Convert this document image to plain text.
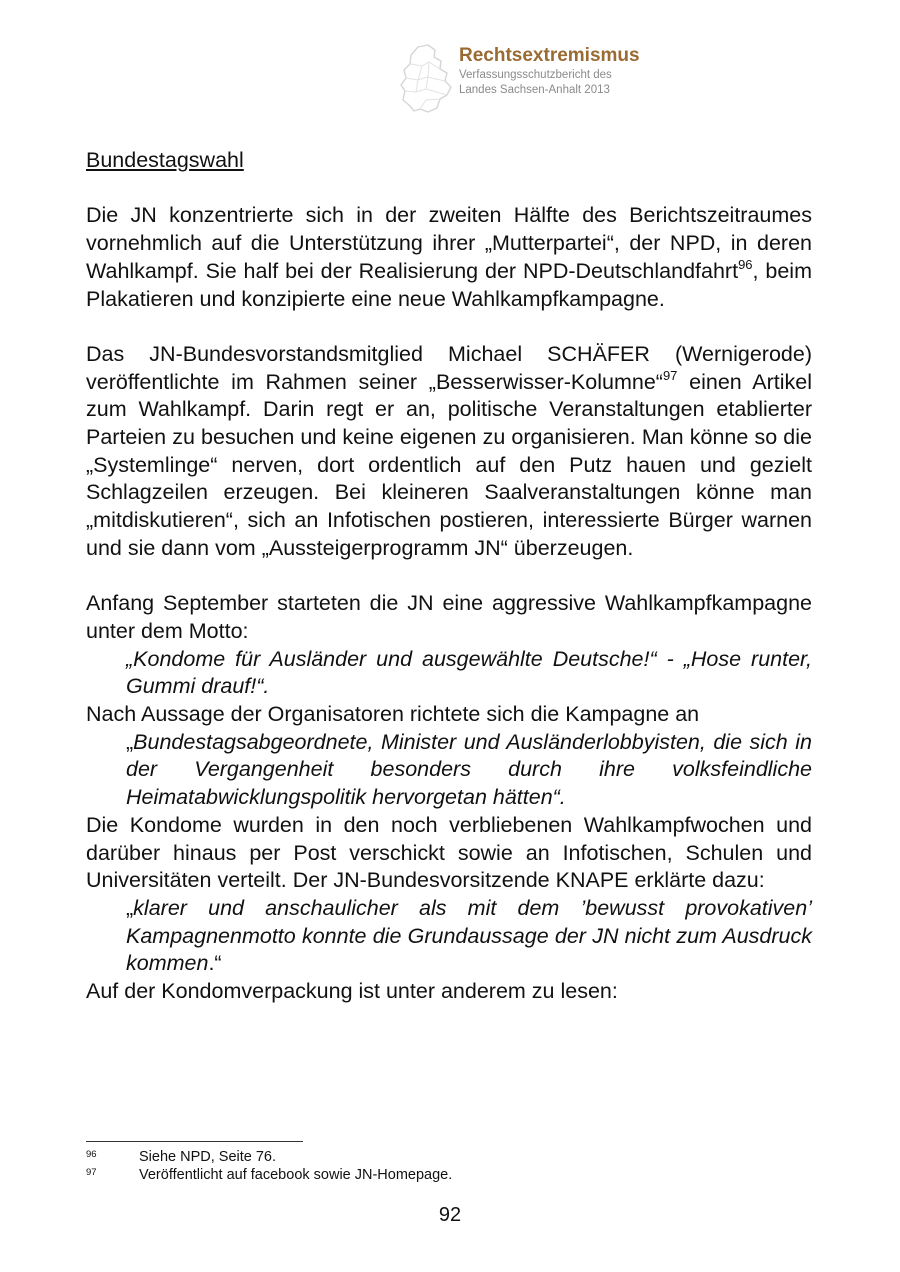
Rechtsextremismus
Verfassungsschutzbericht des
Landes Sachsen-Anhalt 2013

Bundestagswahl

Die JN konzentrierte sich in der zweiten Hälfte des Berichtszeitraumes vornehmlich auf die Unterstützung ihrer „Mutterpartei“, der NPD, in deren Wahlkampf. Sie half bei der Realisierung der NPD-Deutschlandfahrt$^{96}$, beim Plakatieren und konzipierte eine neue Wahlkampfkampagne.

Das JN-Bundesvorstandsmitglied Michael SCHÄFER (Wernigerode) veröffentlichte im Rahmen seiner „Besserwisser-Kolumne“$^{97}$ einen Artikel zum Wahlkampf. Darin regt er an, politische Veranstaltungen etablierter Parteien zu besuchen und keine eigenen zu organisieren. Man könne so die „Systemlinge“ nerven, dort ordentlich auf den Putz hauen und gezielt Schlagzeilen erzeugen. Bei kleineren Saalveranstaltungen könne man „mitdiskutieren“, sich an Infotischen postieren, interessierte Bürger warnen und sie dann vom „Aussteigerprogramm JN“ überzeugen.

Anfang September starteten die JN eine aggressive Wahlkampfkampagne unter dem Motto:

„Kondome für Ausländer und ausgewählte Deutsche!“ - „Hose runter, Gummi drauf!“.

Nach Aussage der Organisatoren richtete sich die Kampagne an

„Bundestagsabgeordnete, Minister und Ausländerlobbyisten, die sich in der Vergangenheit besonders durch ihre volksfeindliche Heimatabwicklungspolitik hervorgetan hätten“.

Die Kondome wurden in den noch verbliebenen Wahlkampfwochen und darüber hinaus per Post verschickt sowie an Infotischen, Schulen und Universitäten verteilt. Der JN-Bundesvorsitzende KNAPE erklärte dazu:

„klarer und anschaulicher als mit dem ’bewusst provokativen’ Kampagnenmotto konnte die Grundaussage der JN nicht zum Ausdruck kommen.“

Auf der Kondomverpackung ist unter anderem zu lesen:

96	Siehe NPD, Seite 76.
97	Veröffentlicht auf facebook sowie JN-Homepage.
92
